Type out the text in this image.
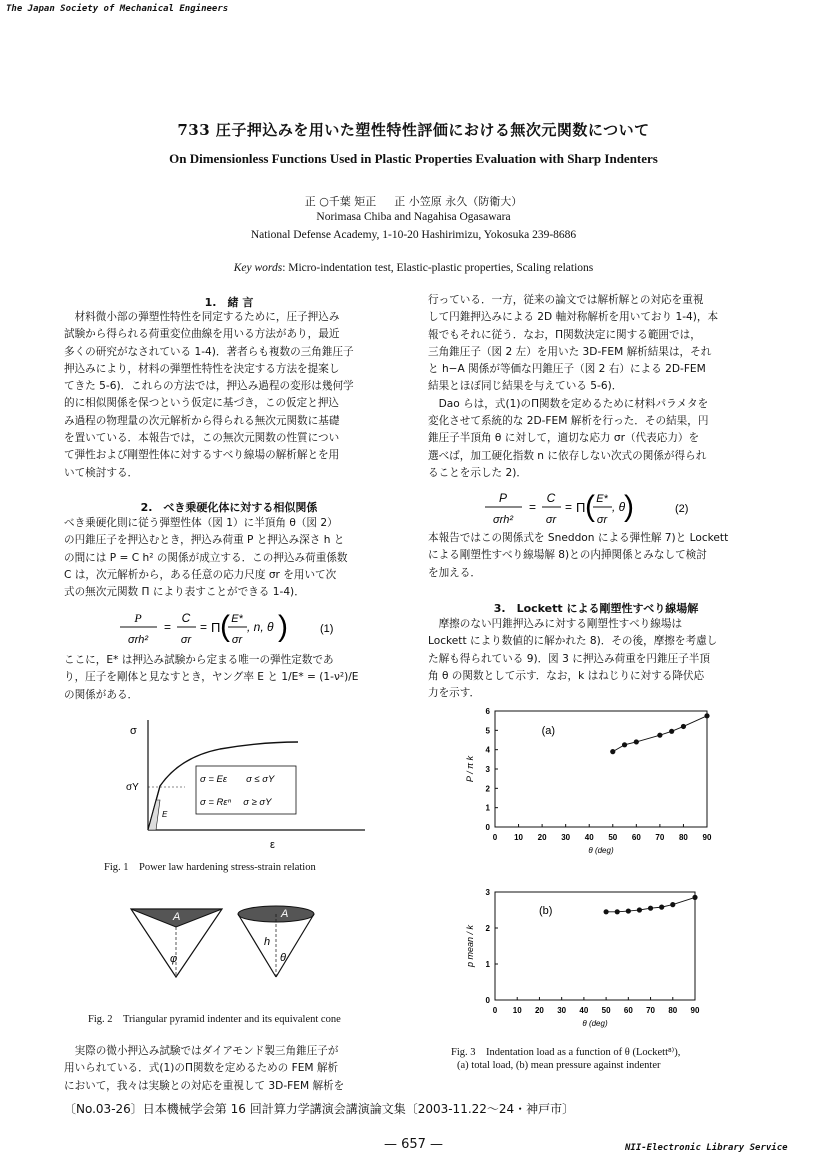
The Japan Society of Mechanical Engineers
733 圧子押込みを用いた塑性特性評価における無次元関数について
On Dimensionless Functions Used in Plastic Properties Evaluation with Sharp Indenters
正 ○千葉 矩正 　 正 小笠原 永久（防衛大）
Norimasa Chiba and Nagahisa Ogasawara
National Defense Academy, 1-10-20 Hashirimizu, Yokosuka 239-8686
Key words: Micro-indentation test, Elastic-plastic properties, Scaling relations
1.　緒 言
　材料微小部の弾塑性特性を同定するために，圧子押込み
試験から得られる荷重変位曲線を用いる方法があり，最近
多くの研究がなされている 1-4)．著者らも複数の三角錐圧子
押込みにより，材料の弾塑性特性を決定する方法を提案し
てきた 5-6)．これらの方法では，押込み過程の変形は幾何学
的に相似関係を保つという仮定に基づき，この仮定と押込
み過程の物理量の次元解析から得られる無次元関数に基礎
を置いている．本報告では，この無次元関数の性質につい
て弾性および剛塑性体に対するすべり線場の解析解とを用
いて検討する．
2.　べき乗硬化体に対する相似関係
べき乗硬化則に従う弾塑性体（図 1）に半頂角 θ（図 2）
の円錐圧子を押込むとき，押込み荷重 P と押込み深さ h と
の間には P = C h² の関係が成立する．この押込み荷重係数
C は，次元解析から，ある任意の応力尺度 σr を用いて次
式の無次元関数 Π により表すことができる 1-4)．
P
σrh²
=
C
σr
= Π ( E*
σr
, n, θ )	(1)
ここに，E* は押込み試験から定まる唯一の弾性定数であ
り，圧子を剛体と見なすとき，ヤング率 E と 1/E* = (1-ν²)/E
の関係がある．
σ
σY
E
σ = Eε　　σ ≤ σY
σ = Rεⁿ　 σ ≥ σY
ε
Fig. 1　Power law hardening stress-strain relation
A
φ
A
h
θ
Fig. 2　Triangular pyramid indenter and its equivalent cone
　実際の微小押込み試験ではダイアモンド製三角錐圧子が
用いられている．式(1)のΠ関数を定めるための FEM 解析
において，我々は実験との対応を重視して 3D-FEM 解析を
行っている．一方，従来の論文では解析解との対応を重視
して円錐押込みによる 2D 軸対称解析を用いており 1-4)，本
報でもそれに従う．なお，Π関数決定に関する範囲では，
三角錐圧子（図 2 左）を用いた 3D-FEM 解析結果は，それ
と h−A 関係が等価な円錐圧子（図 2 右）による 2D-FEM
結果とほぼ同じ結果を与えている 5-6)．
　Dao らは，式(1)のΠ関数を定めるために材料パラメタを
変化させて系統的な 2D-FEM 解析を行った．その結果，円
錐圧子半頂角 θ に対して，適切な応力 σr（代表応力）を
選べば，加工硬化指数 n に依存しない次式の関係が得られ
ることを示した 2)．
P
σrh²
=
C
σr
= Π ( E*
σr
, θ
)	(2)
本報告ではこの関係式を Sneddon による弾性解 7)と Lockett
による剛塑性すべり線場解 8)との内挿関係とみなして検討
を加える．
3.　Lockett による剛塑性すべり線場解
　摩擦のない円錐押込みに対する剛塑性すべり線場は
Lockett により数値的に解かれた 8)．その後，摩擦を考慮し
た解も得られている 9)．図 3 に押込み荷重を円錐圧子半頂
角 θ の関数として示す．なお，k はねじりに対する降伏応
力を示す．
0 10 20 30 40 50 60 70 80 90
0
1
2
3
4
5
6
(a)
θ (deg)
P / π k
0 10 20 30 40 50 60 70 80 90
0
1
2
3
(b)
θ (deg)
p mean / k
Fig. 3　Indentation load as a function of θ (Lockett⁸⁾),
(a) total load, (b) mean pressure against indenter
〔No.03-26〕日本機械学会第 16 回計算力学講演会講演論文集〔2003-11.22〜24・神戸市〕
— 657 —	NII-Electronic Library Service
